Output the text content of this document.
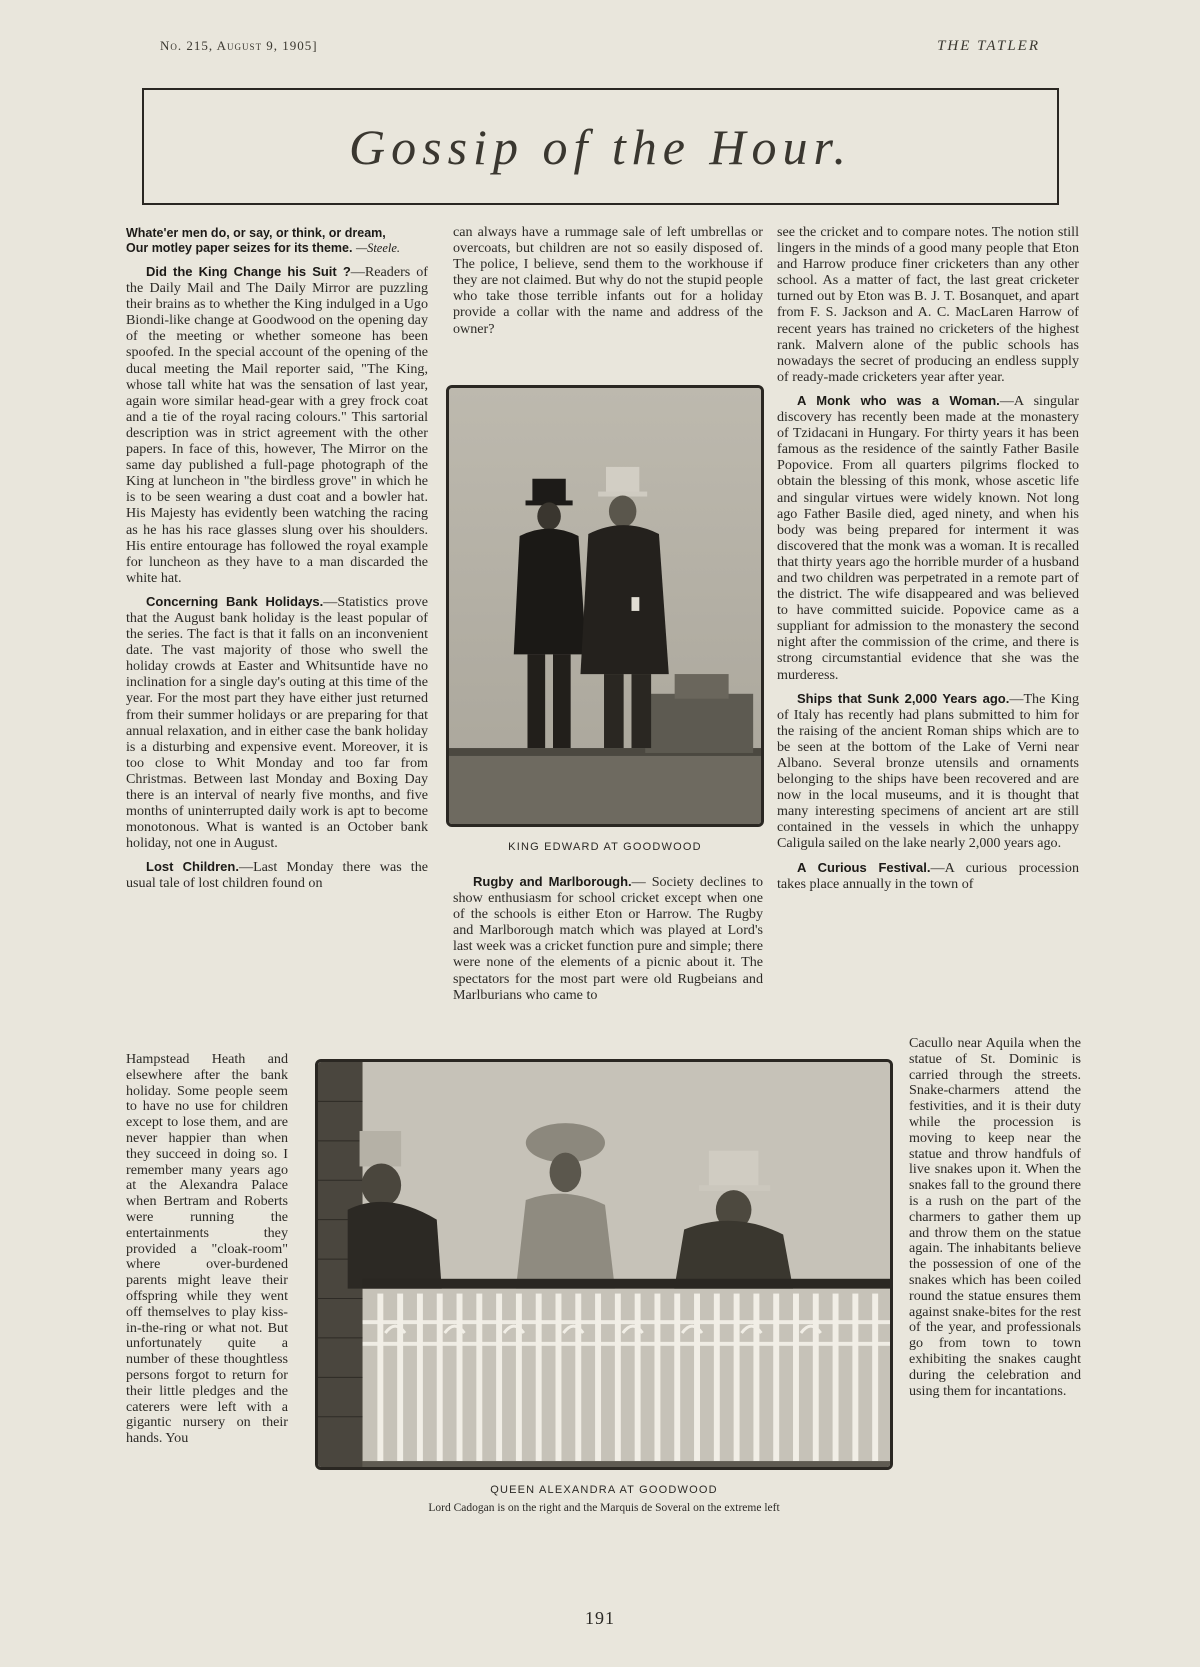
No. 215, August 9, 1905]	THE TATLER
Gossip of the Hour.

Whate'er men do, or say, or think, or dream,
Our motley paper seizes for its theme. —Steele.

Did the King Change his Suit ?—Readers of the Daily Mail and The Daily Mirror are puzzling their brains as to whether the King indulged in a Ugo Biondi-like change at Goodwood on the opening day of the meeting or whether someone has been spoofed. In the special account of the opening of the ducal meeting the Mail reporter said, "The King, whose tall white hat was the sensation of last year, again wore similar head-gear with a grey frock coat and a tie of the royal racing colours." This sartorial description was in strict agreement with the other papers. In face of this, however, The Mirror on the same day published a full-page photograph of the King at luncheon in "the birdless grove" in which he is to be seen wearing a dust coat and a bowler hat. His Majesty has evidently been watching the racing as he has his race glasses slung over his shoulders. His entire entourage has followed the royal example for luncheon as they have to a man discarded the white hat.

Concerning Bank Holidays.—Statistics prove that the August bank holiday is the least popular of the series. The fact is that it falls on an inconvenient date. The vast majority of those who swell the holiday crowds at Easter and Whitsuntide have no inclination for a single day's outing at this time of the year. For the most part they have either just returned from their summer holidays or are preparing for that annual relaxation, and in either case the bank holiday is a disturbing and expensive event. Moreover, it is too close to Whit Monday and too far from Christmas. Between last Monday and Boxing Day there is an interval of nearly five months, and five months of uninterrupted daily work is apt to become monotonous. What is wanted is an October bank holiday, not one in August.

Lost Children.—Last Monday there was the usual tale of lost children found on

Hampstead Heath and elsewhere after the bank holiday. Some people seem to have no use for children except to lose them, and are never happier than when they succeed in doing so. I remember many years ago at the Alexandra Palace when Bertram and Roberts were running the entertainments they provided a "cloak-room" where over-burdened parents might leave their offspring while they went off themselves to play kiss-in-the-ring or what not. But unfortunately quite a number of these thoughtless persons forgot to return for their little pledges and the caterers were left with a gigantic nursery on their hands. You

can always have a rummage sale of left umbrellas or overcoats, but children are not so easily disposed of. The police, I believe, send them to the workhouse if they are not claimed. But why do not the stupid people who take those terrible infants out for a holiday provide a collar with the name and address of the owner?

KING EDWARD AT GOODWOOD

Rugby and Marlborough.— Society declines to show enthusiasm for school cricket except when one of the schools is either Eton or Harrow. The Rugby and Marlborough match which was played at Lord's last week was a cricket function pure and simple; there were none of the elements of a picnic about it. The spectators for the most part were old Rugbeians and Marlburians who came to

see the cricket and to compare notes. The notion still lingers in the minds of a good many people that Eton and Harrow produce finer cricketers than any other school. As a matter of fact, the last great cricketer turned out by Eton was B. J. T. Bosanquet, and apart from F. S. Jackson and A. C. MacLaren Harrow of recent years has trained no cricketers of the highest rank. Malvern alone of the public schools has nowadays the secret of producing an endless supply of ready-made cricketers year after year.

A Monk who was a Woman.—A singular discovery has recently been made at the monastery of Tzidacani in Hungary. For thirty years it has been famous as the residence of the saintly Father Basile Popovice. From all quarters pilgrims flocked to obtain the blessing of this monk, whose ascetic life and singular virtues were widely known. Not long ago Father Basile died, aged ninety, and when his body was being prepared for interment it was discovered that the monk was a woman. It is recalled that thirty years ago the horrible murder of a husband and two children was perpetrated in a remote part of the district. The wife disappeared and was believed to have committed suicide. Popovice came as a suppliant for admission to the monastery the second night after the commission of the crime, and there is strong circumstantial evidence that she was the murderess.

Ships that Sunk 2,000 Years ago.—The King of Italy has recently had plans submitted to him for the raising of the ancient Roman ships which are to be seen at the bottom of the Lake of Verni near Albano. Several bronze utensils and ornaments belonging to the ships have been recovered and are now in the local museums, and it is thought that many interesting specimens of ancient art are still contained in the vessels in which the unhappy Caligula sailed on the lake nearly 2,000 years ago.

A Curious Festival.—A curious procession takes place annually in the town of

Cacullo near Aquila when the statue of St. Dominic is carried through the streets. Snake-charmers attend the festivities, and it is their duty while the procession is moving to keep near the statue and throw handfuls of live snakes upon it. When the snakes fall to the ground there is a rush on the part of the charmers to gather them up and throw them on the statue again. The inhabitants believe the possession of one of the snakes which has been coiled round the statue ensures them against snake-bites for the rest of the year, and professionals go from town to town exhibiting the snakes caught during the celebration and using them for incantations.
QUEEN ALEXANDRA AT GOODWOOD
Lord Cadogan is on the right and the Marquis de Soveral on the extreme left
191
